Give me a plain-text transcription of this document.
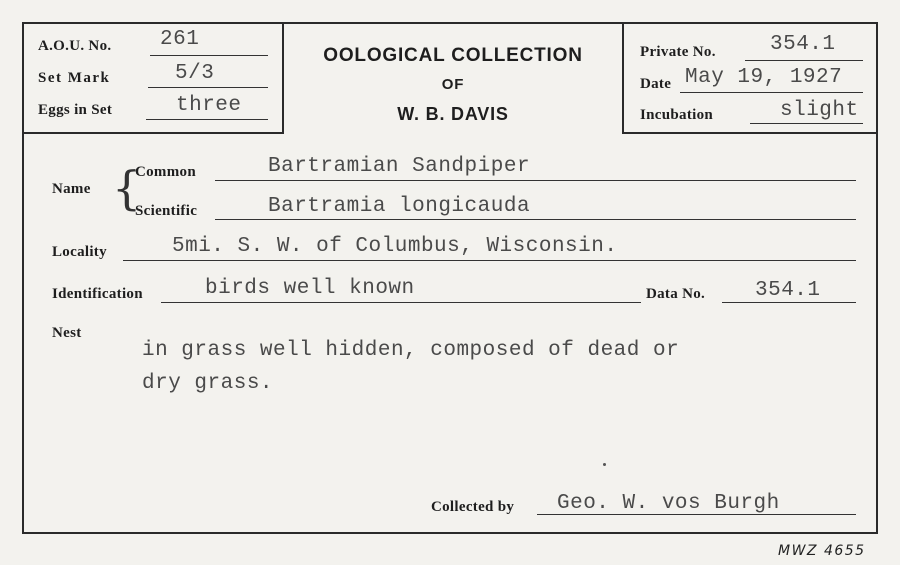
A.O.U. No. 261
Set Mark	5/3
Eggs in Set	three
OOLOGICAL COLLECTION
OF
W. B. DAVIS
Private No.	354.1
Date May 19, 1927
Incubation	slight
Name {
Common	Bartramian Sandpiper
Scientific	Bartramia longicauda
Locality	5mi. S. W. of Columbus, Wisconsin.
Identification	birds well known	Data No. 354.1
Nest
in grass well hidden, composed of dead or
dry grass.
Collected by Geo. W. vos Burgh
MWZ 4655
